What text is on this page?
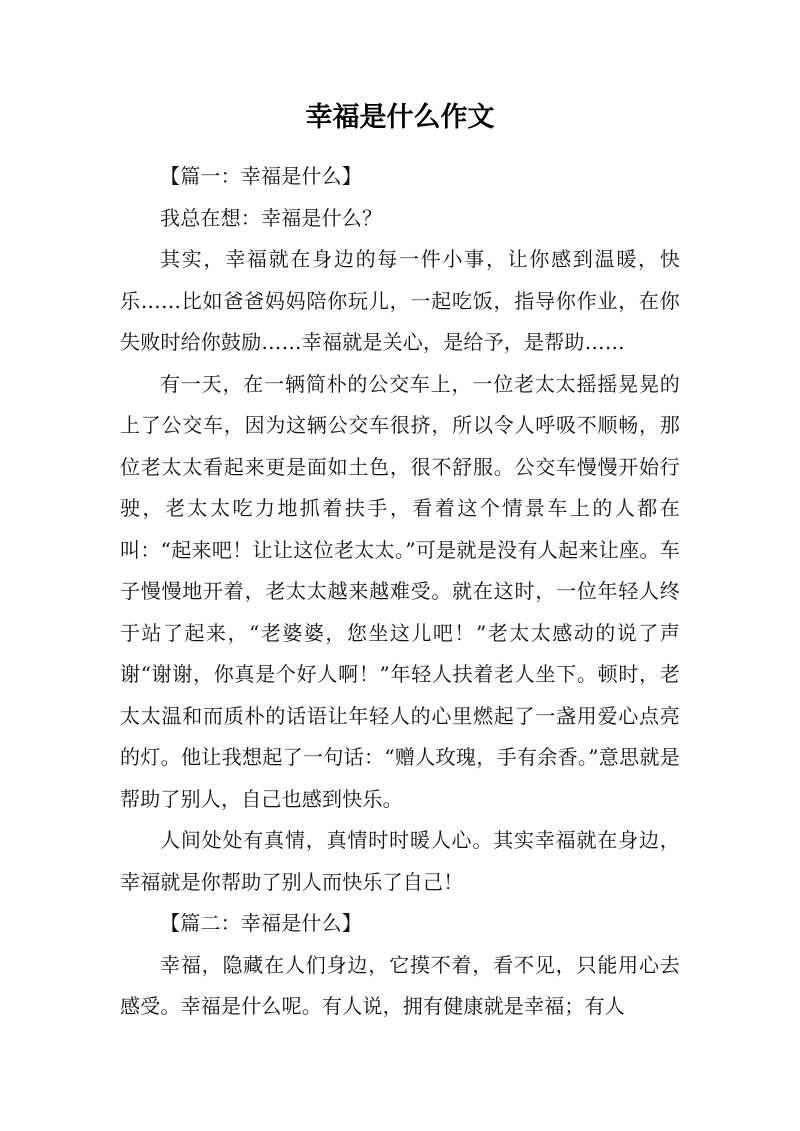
幸福是什么作文

【篇一：幸福是什么】

我总在想：幸福是什么？

其实，幸福就在身边的每一件小事，让你感到温暖，快乐……比如爸爸妈妈陪你玩儿，一起吃饭，指导你作业，在你失败时给你鼓励……幸福就是关心，是给予，是帮助……

有一天，在一辆简朴的公交车上，一位老太太摇摇晃晃的上了公交车，因为这辆公交车很挤，所以令人呼吸不顺畅，那位老太太看起来更是面如土色，很不舒服。公交车慢慢开始行驶，老太太吃力地抓着扶手，看着这个情景车上的人都在叫：“起来吧！让让这位老太太。”可是就是没有人起来让座。车子慢慢地开着，老太太越来越难受。就在这时，一位年轻人终于站了起来，“老婆婆，您坐这儿吧！”老太太感动的说了声谢“谢谢，你真是个好人啊！”年轻人扶着老人坐下。顿时，老太太温和而质朴的话语让年轻人的心里燃起了一盏用爱心点亮的灯。他让我想起了一句话：“赠人玫瑰，手有余香。”意思就是帮助了别人，自己也感到快乐。

人间处处有真情，真情时时暖人心。其实幸福就在身边，幸福就是你帮助了别人而快乐了自己！

【篇二：幸福是什么】

幸福，隐藏在人们身边，它摸不着，看不见，只能用心去感受。幸福是什么呢。有人说，拥有健康就是幸福；有人
